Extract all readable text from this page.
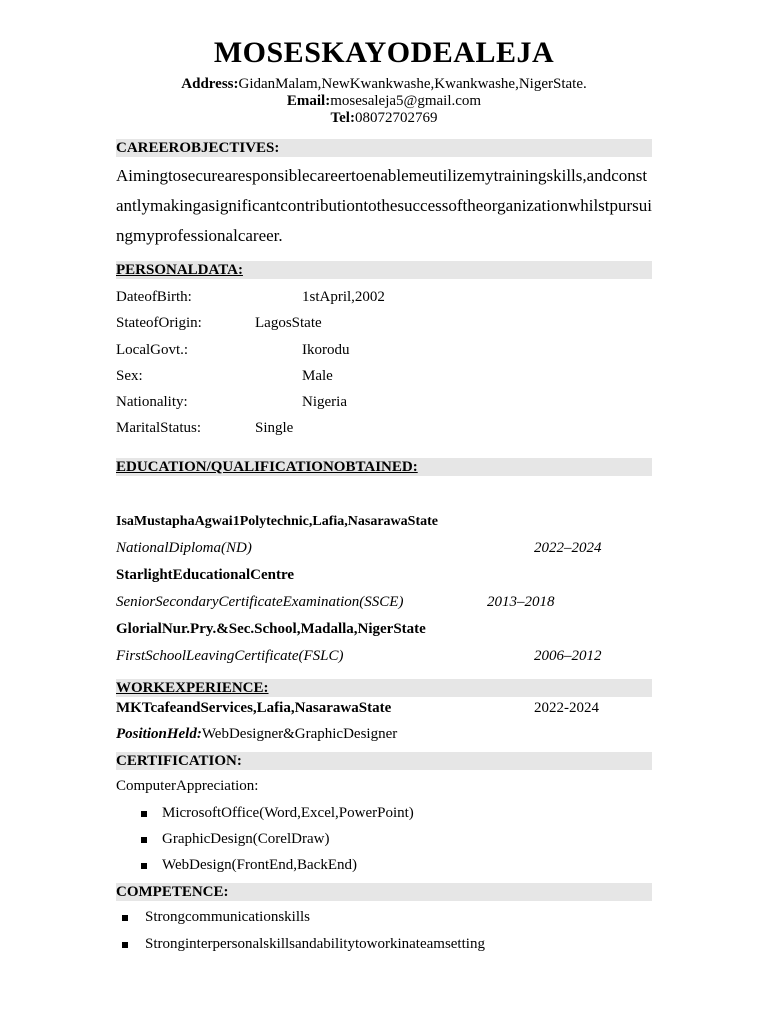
MOSESKAYODEALEJA
Address:GidanMalam,NewKwankwashe,Kwankwashe,NigerState.
Email:mosesaleja5@gmail.com
Tel:08072702769
CAREEROBJECTIVES:
Aimingtosecurearesponsiblecareertoenablemeutilizemytrainingskills,andconstantlymakingasignificantcontributiontothesuccessoftheorganizationwhilstpursuingmyprofessionalcareer.
PERSONALDATA:
DateofBirth:	1stApril,2002
StateofOrigin:	LagosState
LocalGovt.:	Ikorodu
Sex:	Male
Nationality:	Nigeria
MaritalStatus:	Single
EDUCATION/QUALIFICATIONOBTAINED:
IsaMustaphaAgwai1Polytechnic,Lafia,NasarawaState
NationalDiploma(ND)	2022–2024
StarlightEducationalCentre
SeniorSecondaryCertificateExamination(SSCE)	2013–2018
GlorialNur.Pry.&Sec.School,Madalla,NigerState
FirstSchoolLeavingCertificate(FSLC)	2006–2012
WORKEXPERIENCE:
MKTcafeandServices,Lafia,NasarawaState	2022-2024
PositionHeld:WebDesigner&GraphicDesigner
CERTIFICATION:
ComputerAppreciation:
MicrosoftOffice(Word,Excel,PowerPoint)
GraphicDesign(CorelDraw)
WebDesign(FrontEnd,BackEnd)
COMPETENCE:
Strongcommunicationskills
Stronginterpersonalskillsandabilitytoworkinateamsetting
